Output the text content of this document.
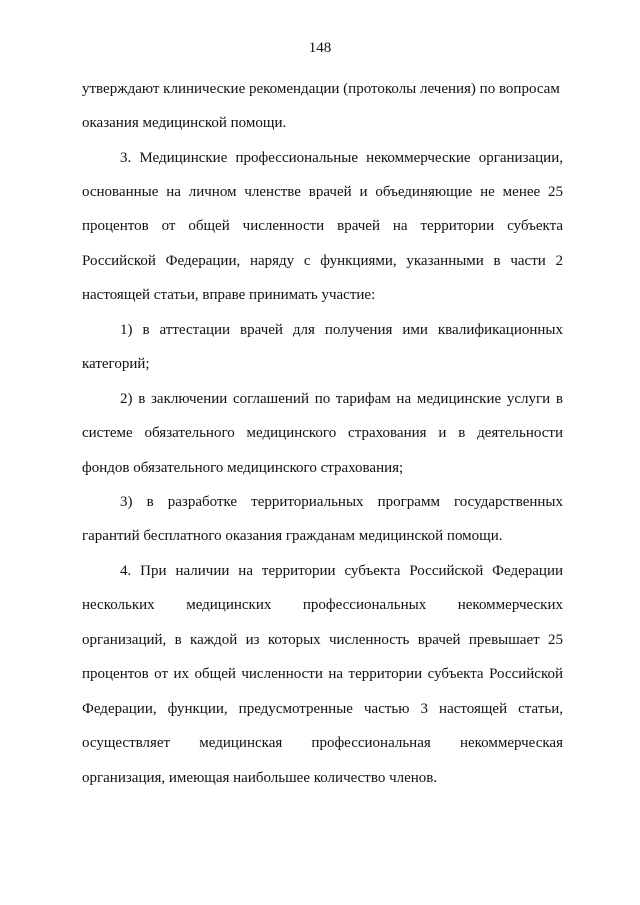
148
утверждают клинические рекомендации (протоколы лечения) по вопросам
оказания медицинской помощи.
3. Медицинские профессиональные некоммерческие организации,
основанные на личном членстве врачей и объединяющие не менее 25
процентов от общей численности врачей на территории субъекта
Российской Федерации, наряду с функциями, указанными в части 2
настоящей статьи, вправе принимать участие:
1) в аттестации врачей для получения ими квалификационных
категорий;
2) в заключении соглашений по тарифам на медицинские услуги в
системе обязательного медицинского страхования и в деятельности
фондов обязательного медицинского страхования;
3) в разработке территориальных программ государственных
гарантий бесплатного оказания гражданам медицинской помощи.
4. При наличии на территории субъекта Российской Федерации
нескольких медицинских профессиональных некоммерческих
организаций, в каждой из которых численность врачей превышает 25
процентов от их общей численности на территории субъекта Российской
Федерации, функции, предусмотренные частью 3 настоящей статьи,
осуществляет медицинская профессиональная некоммерческая
организация, имеющая наибольшее количество членов.
